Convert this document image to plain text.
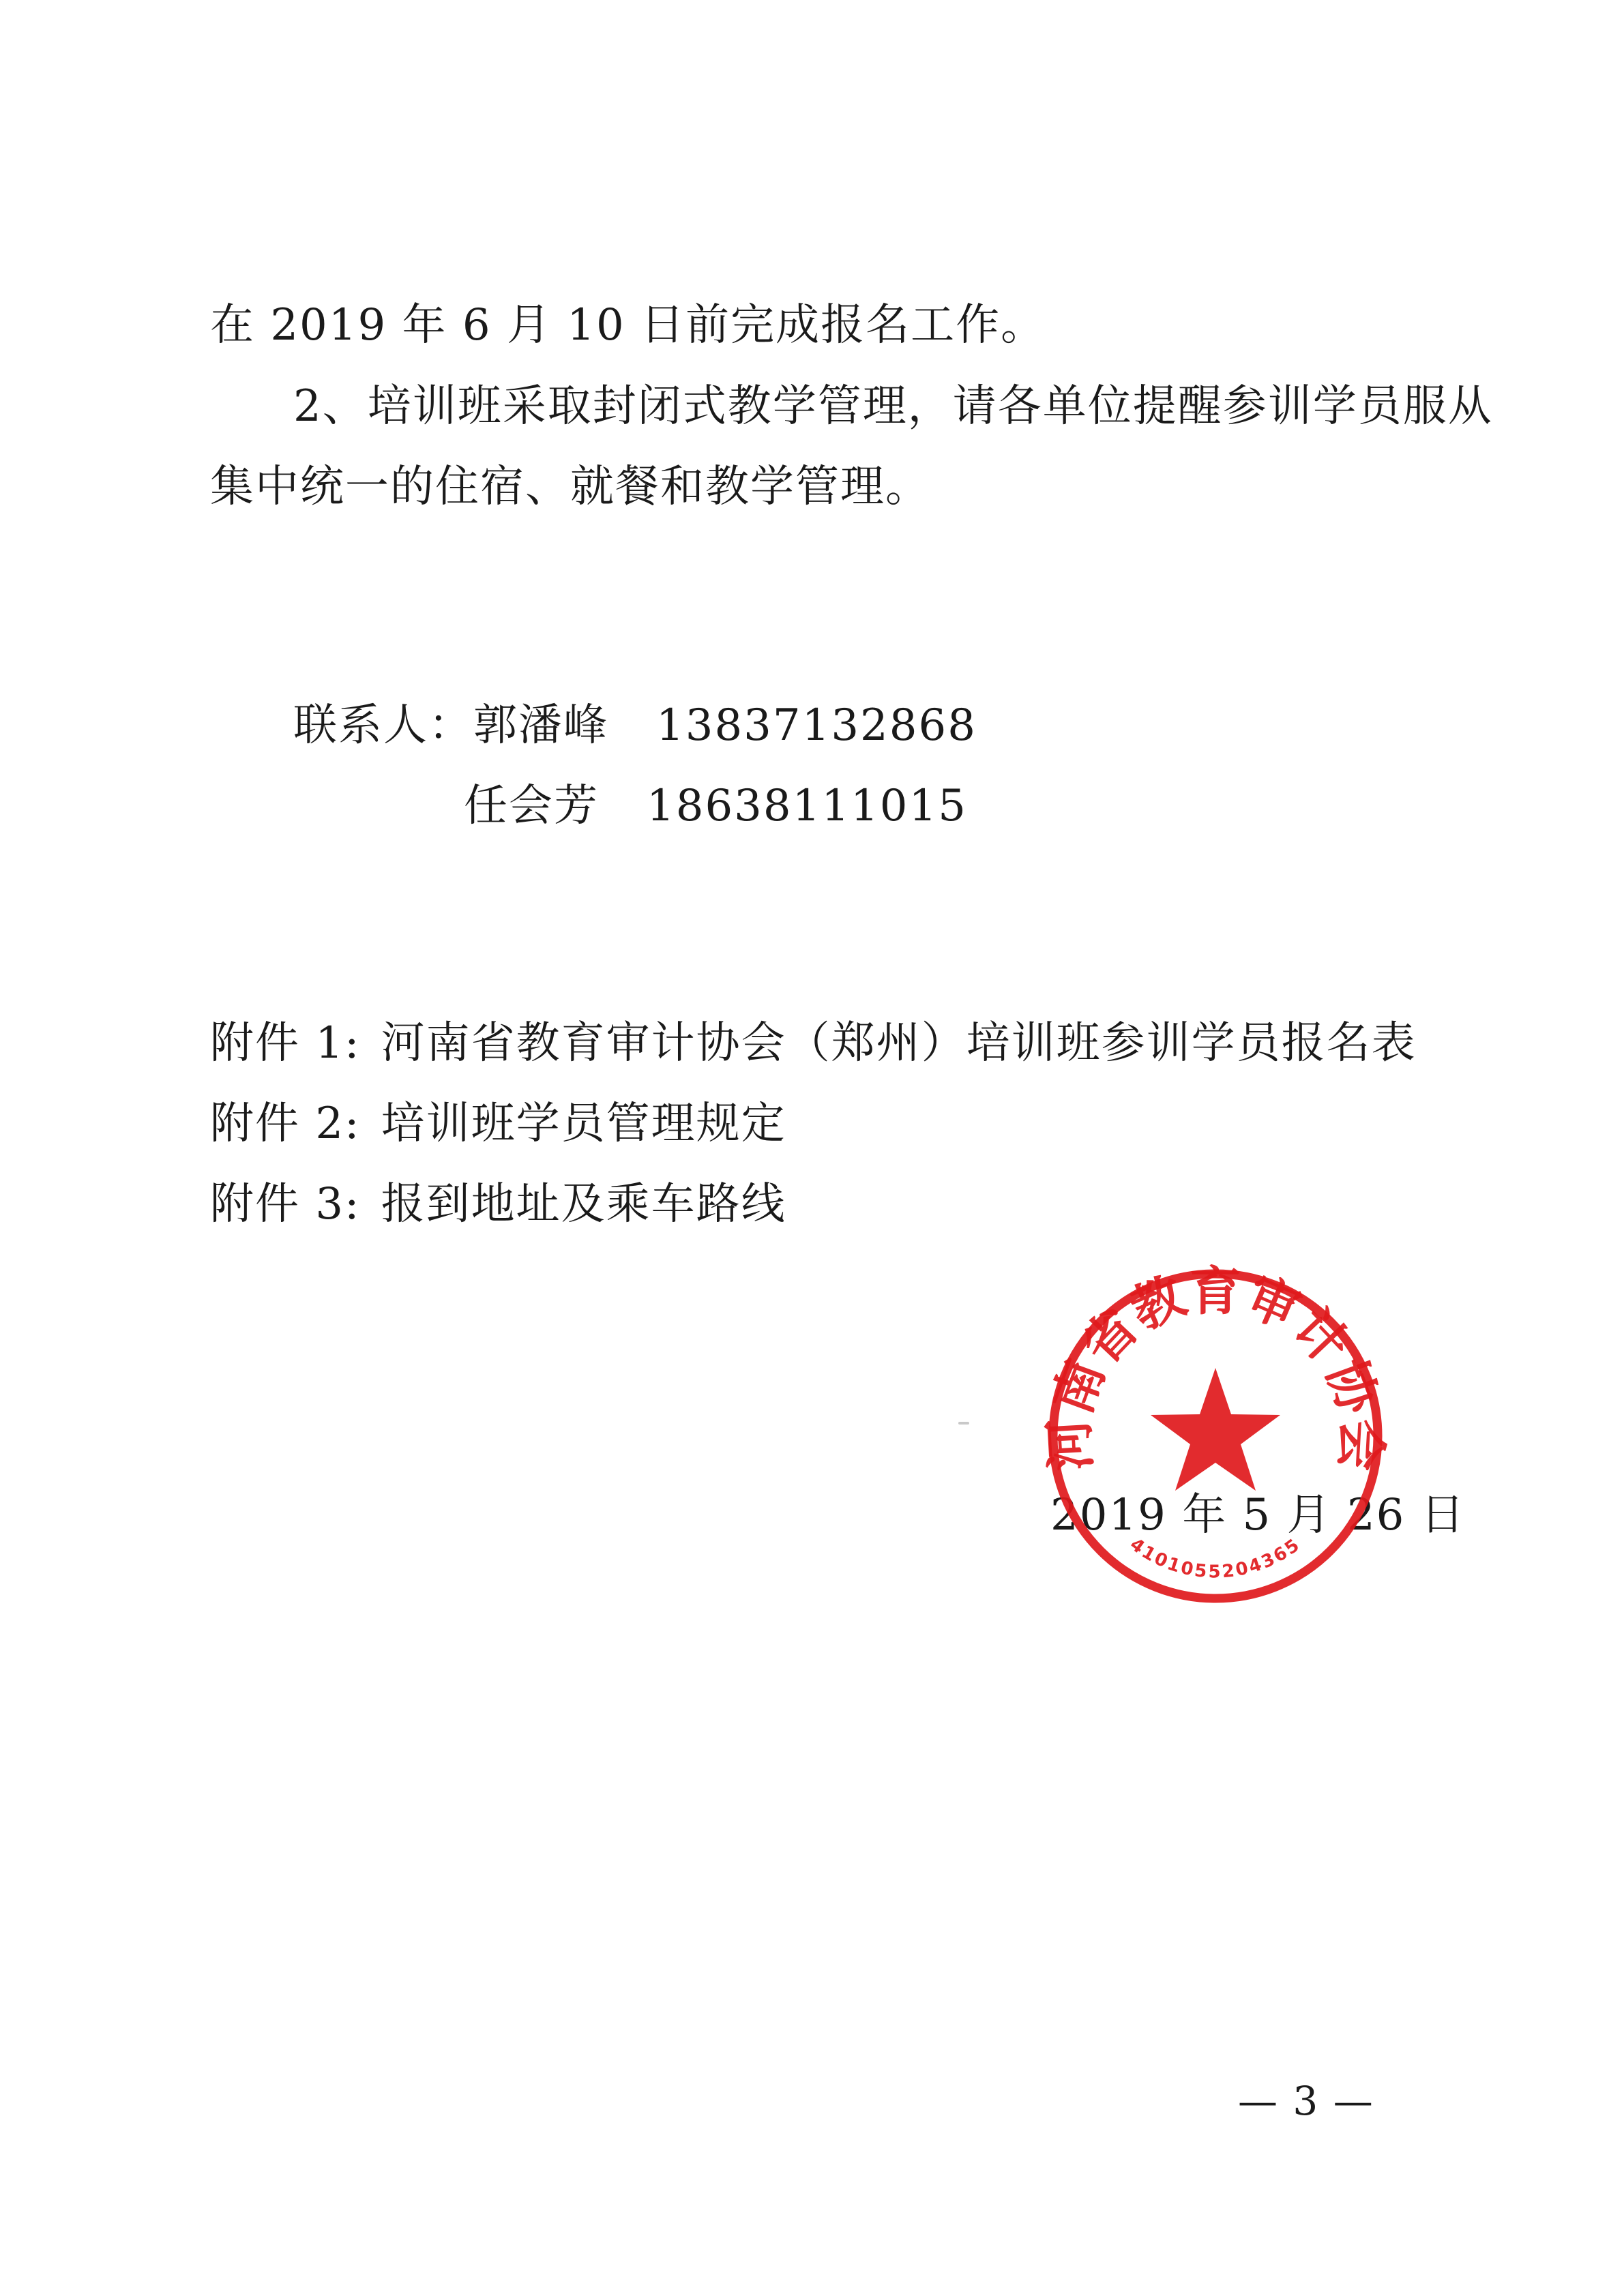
在 2019 年 6 月 10 日前完成报名工作。
2、培训班采取封闭式教学管理，请各单位提醒参训学员服从
集中统一的住宿、就餐和教学管理。
联系人：郭潘峰 13837132868
任会芳 18638111015
附件 1: 河南省教育审计协会（郑州）培训班参训学员报名表
附件 2: 培训班学员管理规定
附件 3: 报到地址及乘车路线
2019 年 5 月 26 日
河南省教育审计协会
4101055204365
— 3 —
